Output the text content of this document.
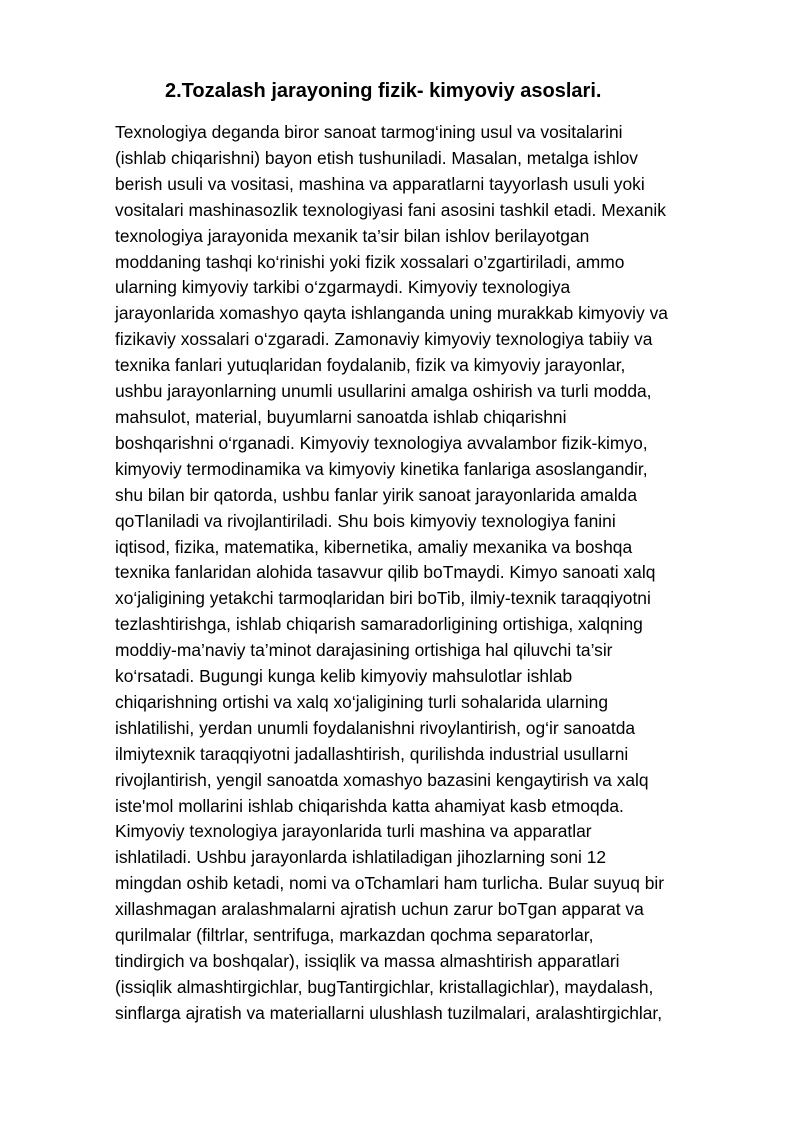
2.Tozalash jarayoning fizik- kimyoviy asoslari.

Texnologiya deganda biror sanoat tarmog‘ining usul va vositalarini
(ishlab chiqarishni) bayon etish tushuniladi. Masalan, metalga ishlov
berish usuli va vositasi, mashina va apparatlarni tayyorlash usuli yoki
vositalari mashinasozlik texnologiyasi fani asosini tashkil etadi. Mexanik
texnologiya jarayonida mexanik ta’sir bilan ishlov berilayotgan
moddaning tashqi ko‘rinishi yoki fizik xossalari o’zgartiriladi, ammo
ularning kimyoviy tarkibi o‘zgarmaydi. Kimyoviy texnologiya
jarayonlarida xomashyo qayta ishlanganda uning murakkab kimyoviy va
fizikaviy xossalari o‘zgaradi. Zamonaviy kimyoviy texnologiya tabiiy va
texnika fanlari yutuqlaridan foydalanib, fizik va kimyoviy jarayonlar,
ushbu jarayonlarning unumli usullarini amalga oshirish va turli modda,
mahsulot, material, buyumlarni sanoatda ishlab chiqarishni
boshqarishni o‘rganadi. Kimyoviy texnologiya avvalambor fizik-kimyo,
kimyoviy termodinamika va kimyoviy kinetika fanlariga asoslangandir,
shu bilan bir qatorda, ushbu fanlar yirik sanoat jarayonlarida amalda
qoTlaniladi va rivojlantiriladi. Shu bois kimyoviy texnologiya fanini
iqtisod, fizika, matematika, kibernetika, amaliy mexanika va boshqa
texnika fanlaridan alohida tasavvur qilib boTmaydi. Kimyo sanoati xalq
xo‘jaligining yetakchi tarmoqlaridan biri boTib, ilmiy-texnik taraqqiyotni
tezlashtirishga, ishlab chiqarish samaradorligining ortishiga, xalqning
moddiy-ma’naviy ta’minot darajasining ortishiga hal qiluvchi ta’sir
ko‘rsatadi. Bugungi kunga kelib kimyoviy mahsulotlar ishlab
chiqarishning ortishi va xalq xo‘jaligining turli sohalarida ularning
ishlatilishi, yerdan unumli foydalanishni rivoylantirish, og‘ir sanoatda
ilmiytexnik taraqqiyotni jadallashtirish, qurilishda industrial usullarni
rivojlantirish, yengil sanoatda xomashyo bazasini kengaytirish va xalq
iste'mol mollarini ishlab chiqarishda katta ahamiyat kasb etmoqda.
Kimyoviy texnologiya jarayonlarida turli mashina va apparatlar
ishlatiladi. Ushbu jarayonlarda ishlatiladigan jihozlarning soni 12
mingdan oshib ketadi, nomi va oTchamlari ham turlicha. Bular suyuq bir
xillashmagan aralashmalarni ajratish uchun zarur boTgan apparat va
qurilmalar (filtrlar, sentrifuga, markazdan qochma separatorlar,
tindirgich va boshqalar), issiqlik va massa almashtirish apparatlari
(issiqlik almashtirgichlar, bugTantirgichlar, kristallagichlar), maydalash,
sinflarga ajratish va materiallarni ulushlash tuzilmalari, aralashtirgichlar,
